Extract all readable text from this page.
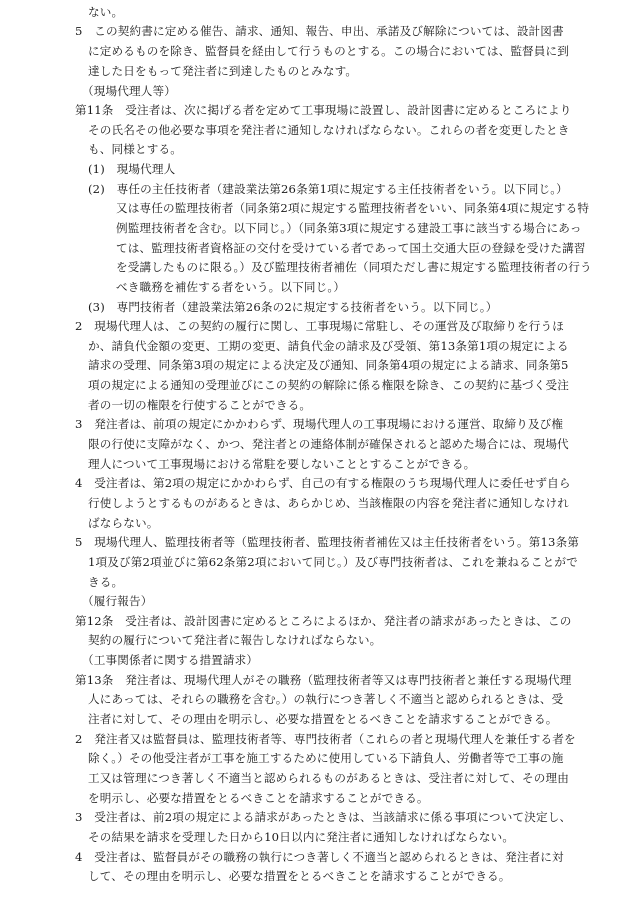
ない。
5　この契約書に定める催告、請求、通知、報告、申出、承諾及び解除については、設計図書
に定めるものを除き、監督員を経由して行うものとする。この場合においては、監督員に到
達した日をもって発注者に到達したものとみなす。
（現場代理人等）
第11条　受注者は、次に掲げる者を定めて工事現場に設置し、設計図書に定めるところにより
その氏名その他必要な事項を発注者に通知しなければならない。これらの者を変更したとき
も、同様とする。
(1)　現場代理人
(2)　専任の主任技術者（建設業法第26条第1項に規定する主任技術者をいう。以下同じ。）
又は専任の監理技術者（同条第2項に規定する監理技術者をいい、同条第4項に規定する特
例監理技術者を含む。以下同じ。）（同条第3項に規定する建設工事に該当する場合にあっ
ては、監理技術者資格証の交付を受けている者であって国土交通大臣の登録を受けた講習
を受講したものに限る。）及び監理技術者補佐（同項ただし書に規定する監理技術者の行う
べき職務を補佐する者をいう。以下同じ。）
(3)　専門技術者（建設業法第26条の2に規定する技術者をいう。以下同じ。）
2　現場代理人は、この契約の履行に関し、工事現場に常駐し、その運営及び取締りを行うほ
か、請負代金額の変更、工期の変更、請負代金の請求及び受領、第13条第1項の規定による
請求の受理、同条第3項の規定による決定及び通知、同条第4項の規定による請求、同条第5
項の規定による通知の受理並びにこの契約の解除に係る権限を除き、この契約に基づく受注
者の一切の権限を行使することができる。
3　発注者は、前項の規定にかかわらず、現場代理人の工事現場における運営、取締り及び権
限の行使に支障がなく、かつ、発注者との連絡体制が確保されると認めた場合には、現場代
理人について工事現場における常駐を要しないこととすることができる。
4　受注者は、第2項の規定にかかわらず、自己の有する権限のうち現場代理人に委任せず自ら
行使しようとするものがあるときは、あらかじめ、当該権限の内容を発注者に通知しなけれ
ばならない。
5　現場代理人、監理技術者等（監理技術者、監理技術者補佐又は主任技術者をいう。第13条第
1項及び第2項並びに第62条第2項において同じ。）及び専門技術者は、これを兼ねることがで
きる。
（履行報告）
第12条　受注者は、設計図書に定めるところによるほか、発注者の請求があったときは、この
契約の履行について発注者に報告しなければならない。
（工事関係者に関する措置請求）
第13条　発注者は、現場代理人がその職務（監理技術者等又は専門技術者と兼任する現場代理
人にあっては、それらの職務を含む。）の執行につき著しく不適当と認められるときは、受
注者に対して、その理由を明示し、必要な措置をとるべきことを請求することができる。
2　発注者又は監督員は、監理技術者等、専門技術者（これらの者と現場代理人を兼任する者を
除く。）その他受注者が工事を施工するために使用している下請負人、労働者等で工事の施
工又は管理につき著しく不適当と認められるものがあるときは、受注者に対して、その理由
を明示し、必要な措置をとるべきことを請求することができる。
3　受注者は、前2項の規定による請求があったときは、当該請求に係る事項について決定し、
その結果を請求を受理した日から10日以内に発注者に通知しなければならない。
4　受注者は、監督員がその職務の執行につき著しく不適当と認められるときは、発注者に対
して、その理由を明示し、必要な措置をとるべきことを請求することができる。
